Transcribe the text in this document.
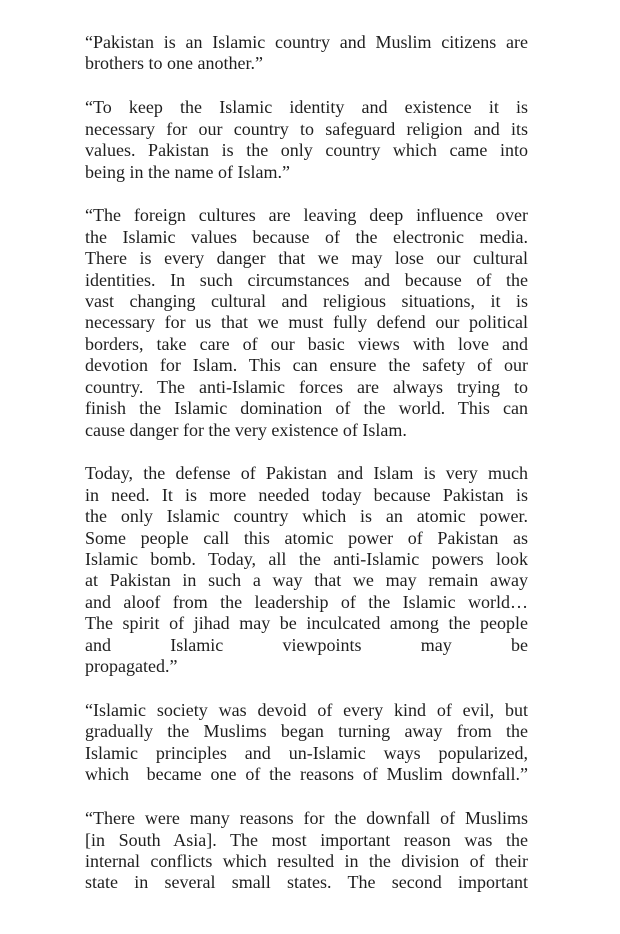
“Pakistan is an Islamic country and Muslim citizens are
brothers to one another.”
“To keep the Islamic identity and existence it is
necessary for our country to safeguard religion and its
values. Pakistan is the only country which came into
being in the name of Islam.”
“The foreign cultures are leaving deep influence over
the Islamic values because of the electronic media.
There is every danger that we may lose our cultural
identities. In such circumstances and because of the
vast changing cultural and religious situations, it is
necessary for us that we must fully defend our political
borders, take care of our basic views with love and
devotion for Islam. This can ensure the safety of our
country. The anti-Islamic forces are always trying to
finish the Islamic domination of the world. This can
cause danger for the very existence of Islam.
Today, the defense of Pakistan and Islam is very much
in need. It is more needed today because Pakistan is
the only Islamic country which is an atomic power.
Some people call this atomic power of Pakistan as
Islamic bomb. Today, all the anti-Islamic powers look
at Pakistan in such a way that we may remain away
and aloof from the leadership of the Islamic world…
The spirit of jihad may be inculcated among the people
and Islamic viewpoints may be
propagated.”
“Islamic society was devoid of every kind of evil, but
gradually the Muslims began turning away from the
Islamic principles and un-Islamic ways popularized,
which  became one of the reasons of Muslim downfall.”
“There were many reasons for the downfall of Muslims
[in South Asia]. The most important reason was the
internal conflicts which resulted in the division of their
state in several small states. The second important
